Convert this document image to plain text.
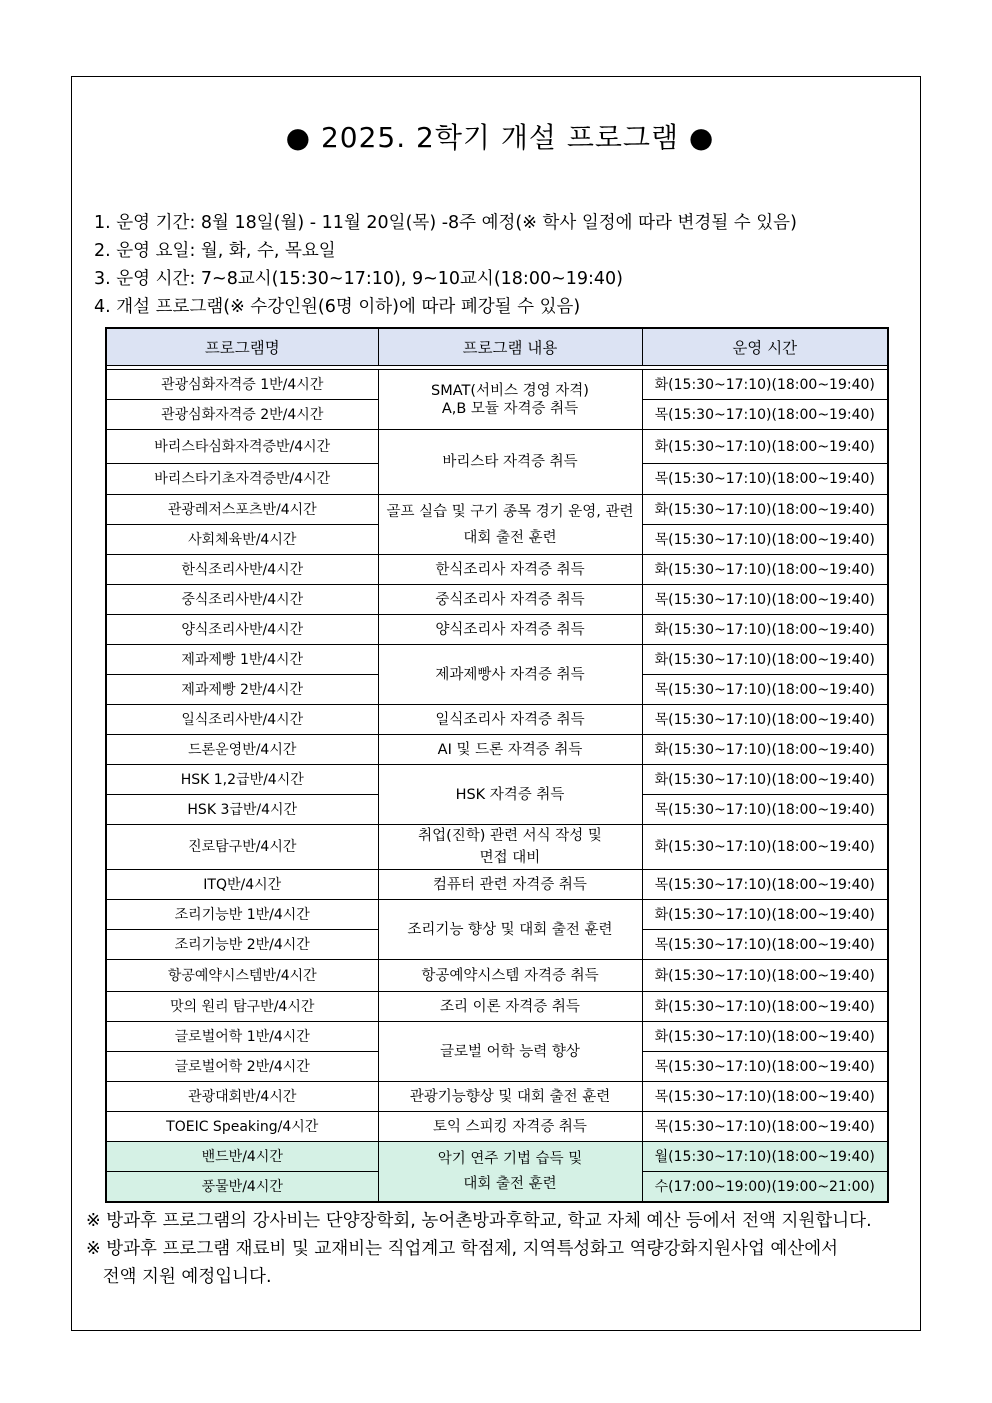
● 2025. 2학기 개설 프로그램 ●
1. 운영 기간: 8월 18일(월) - 11월 20일(목) -8주 예정(※ 학사 일정에 따라 변경될 수 있음)
2. 운영 요일: 월, 화, 수, 목요일
3. 운영 시간: 7~8교시(15:30~17:10), 9~10교시(18:00~19:40)
4. 개설 프로그램(※ 수강인원(6명 이하)에 따라 폐강될 수 있음)
프로그램명	프로그램 내용	운영 시간

관광심화자격증 1반/4시간	SMAT(서비스 경영 자격) A,B 모듈 자격증 취득	화(15:30~17:10)(18:00~19:40)
관광심화자격증 2반/4시간		목(15:30~17:10)(18:00~19:40)
바리스타심화자격증반/4시간	바리스타 자격증 취득	화(15:30~17:10)(18:00~19:40)
바리스타기초자격증반/4시간		목(15:30~17:10)(18:00~19:40)
관광레저스포츠반/4시간	골프 실습 및 구기 종목 경기 운영, 관련 대회 출전 훈련	화(15:30~17:10)(18:00~19:40)
사회체육반/4시간		목(15:30~17:10)(18:00~19:40)
한식조리사반/4시간	한식조리사 자격증 취득	화(15:30~17:10)(18:00~19:40)
중식조리사반/4시간	중식조리사 자격증 취득	목(15:30~17:10)(18:00~19:40)
양식조리사반/4시간	양식조리사 자격증 취득	화(15:30~17:10)(18:00~19:40)
제과제빵 1반/4시간	제과제빵사 자격증 취득	화(15:30~17:10)(18:00~19:40)
제과제빵 2반/4시간		목(15:30~17:10)(18:00~19:40)
일식조리사반/4시간	일식조리사 자격증 취득	목(15:30~17:10)(18:00~19:40)
드론운영반/4시간	AI 및 드론 자격증 취득	화(15:30~17:10)(18:00~19:40)
HSK 1,2급반/4시간	HSK 자격증 취득	화(15:30~17:10)(18:00~19:40)
HSK 3급반/4시간		목(15:30~17:10)(18:00~19:40)
진로탐구반/4시간	취업(진학) 관련 서식 작성 및 면접 대비	화(15:30~17:10)(18:00~19:40)
ITQ반/4시간	컴퓨터 관련 자격증 취득	목(15:30~17:10)(18:00~19:40)
조리기능반 1반/4시간	조리기능 향상 및 대회 출전 훈련	화(15:30~17:10)(18:00~19:40)
조리기능반 2반/4시간		목(15:30~17:10)(18:00~19:40)
항공예약시스템반/4시간	항공예약시스템 자격증 취득	화(15:30~17:10)(18:00~19:40)
맛의 원리 탐구반/4시간	조리 이론 자격증 취득	화(15:30~17:10)(18:00~19:40)
글로벌어학 1반/4시간	글로벌 어학 능력 향상	화(15:30~17:10)(18:00~19:40)
글로벌어학 2반/4시간		목(15:30~17:10)(18:00~19:40)
관광대회반/4시간	관광기능향상 및 대회 출전 훈련	목(15:30~17:10)(18:00~19:40)
TOEIC Speaking/4시간	토익 스피킹 자격증 취득	목(15:30~17:10)(18:00~19:40)
밴드반/4시간	악기 연주 기법 습득 및 대회 출전 훈련	월(15:30~17:10)(18:00~19:40)
풍물반/4시간		수(17:00~19:00)(19:00~21:00)
※ 방과후 프로그램의 강사비는 단양장학회, 농어촌방과후학교, 학교 자체 예산 등에서 전액 지원합니다.
※ 방과후 프로그램 재료비 및 교재비는 직업계고 학점제, 지역특성화고 역량강화지원사업 예산에서
전액 지원 예정입니다.
